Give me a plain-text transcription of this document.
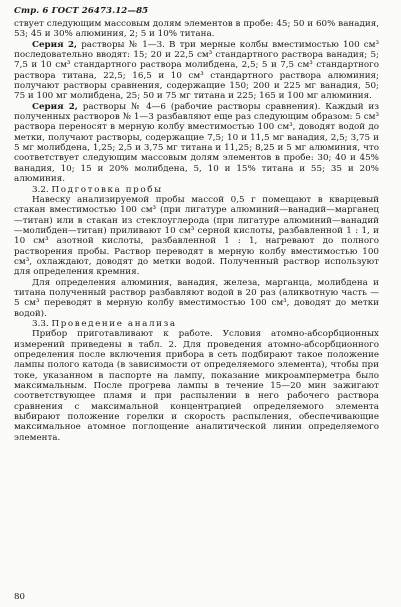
Стр. 6 ГОСТ 26473.12—85

ствует следующим массовым долям элементов в пробе: 45; 50 и 60% ванадия, 53; 45 и 30% алюминия, 2; 5 и 10% титана.

Серия 2, растворы № 1—3. В три мерные колбы вместимостью 100 см³ последовательно вводят: 15; 20 и 22,5 см³ стандартного раствора ванадия; 5; 7,5 и 10 см³ стандартного раствора молибдена, 2,5; 5 и 7,5 см³ стандартного раствора титана, 22,5; 16,5 и 10 см³ стандартного раствора алюминия; получают растворы сравнения, содержащие 150; 200 и 225 мг ванадия, 50; 75 и 100 мг молибдена, 25; 50 и 75 мг титана и 225; 165 и 100 мг алюминия.

Серия 2, растворы № 4—6 (рабочие растворы сравнения). Каждый из полученных растворов № 1—3 разбавляют еще раз следующим образом: 5 см³ раствора переносят в мерную колбу вместимостью 100 см³, доводят водой до метки, получают растворы, содержащие 7,5; 10 и 11,5 мг ванадия, 2,5; 3,75 и 5 мг молибдена, 1,25; 2,5 и 3,75 мг титана и 11,25; 8,25 и 5 мг алюминия, что соответствует следующим массовым долям элементов в пробе: 30; 40 и 45% ванадия, 10; 15 и 20% молибдена, 5, 10 и 15% титана и 55; 35 и 20% алюминия.

3.2. Подготовка пробы

Навеску анализируемой пробы массой 0,5 г помещают в кварцевый стакан вместимостью 100 см³ (при лигатуре алюминий—ванадий—марганец—титан) или в стакан из стеклоуглерода (при лигатуре алюминий—ванадий—молибден—титан) приливают 10 см³ серной кислоты, разбавленной 1 : 1, и 10 см³ азотной кислоты, разбавленной 1 : 1, нагревают до полного растворения пробы. Раствор переводят в мерную колбу вместимостью 100 см³, охлаждают, доводят до метки водой. Полученный раствор используют для определения кремния.

Для определения алюминия, ванадия, железа, марганца, молибдена и титана полученный раствор разбавляют водой в 20 раз (аликвотную часть — 5 см³ переводят в мерную колбу вместимостью 100 см³, доводят до метки водой).

3.3. Проведение анализа

Прибор приготавливают к работе. Условия атомно-абсорбционных измерений приведены в табл. 2. Для проведения атомно-абсорбционного определения после включения прибора в сеть подбирают такое положение лампы полого катода (в зависимости от определяемого элемента), чтобы при токе, указанном в паспорте на лампу, показание микроамперметра было максимальным. После прогрева лампы в течение 15—20 мин зажигают соответствующее пламя и при распылении в него рабочего раствора сравнения с максимальной концентрацией определяемого элемента выбирают положение горелки и скорость распыления, обеспечивающие максимальное атомное поглощение аналитической линии определяемого элемента.

80
